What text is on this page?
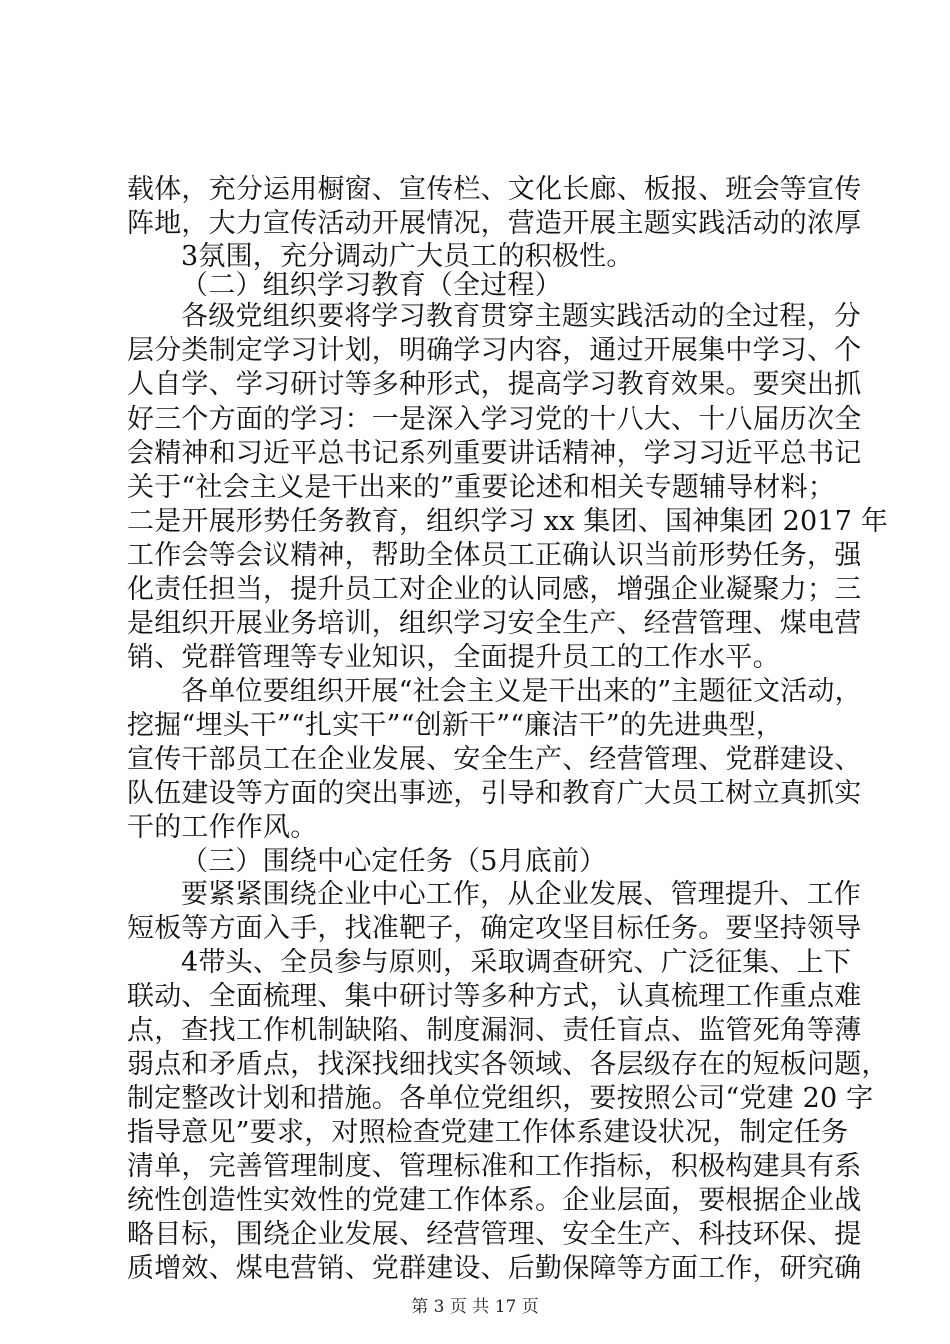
载体，充分运用橱窗、宣传栏、文化长廊、板报、班会等宣传
阵地，大力宣传活动开展情况，营造开展主题实践活动的浓厚
3氛围，充分调动广大员工的积极性。
（二）组织学习教育（全过程）
各级党组织要将学习教育贯穿主题实践活动的全过程，分
层分类制定学习计划，明确学习内容，通过开展集中学习、个
人自学、学习研讨等多种形式，提高学习教育效果。要突出抓
好三个方面的学习：一是深入学习党的十八大、十八届历次全
会精神和习近平总书记系列重要讲话精神，学习习近平总书记
关于“社会主义是干出来的”重要论述和相关专题辅导材料；
二是开展形势任务教育，组织学习 xx 集团、国神集团 2017 年
工作会等会议精神，帮助全体员工正确认识当前形势任务，强
化责任担当，提升员工对企业的认同感，增强企业凝聚力；三
是组织开展业务培训，组织学习安全生产、经营管理、煤电营
销、党群管理等专业知识，全面提升员工的工作水平。
各单位要组织开展“社会主义是干出来的”主题征文活动，
挖掘“埋头干”“扎实干”“创新干”“廉洁干”的先进典型，
宣传干部员工在企业发展、安全生产、经营管理、党群建设、
队伍建设等方面的突出事迹，引导和教育广大员工树立真抓实
干的工作作风。
（三）围绕中心定任务（5月底前）
要紧紧围绕企业中心工作，从企业发展、管理提升、工作
短板等方面入手，找准靶子，确定攻坚目标任务。要坚持领导
4带头、全员参与原则，采取调查研究、广泛征集、上下
联动、全面梳理、集中研讨等多种方式，认真梳理工作重点难
点，查找工作机制缺陷、制度漏洞、责任盲点、监管死角等薄
弱点和矛盾点，找深找细找实各领域、各层级存在的短板问题，
制定整改计划和措施。各单位党组织，要按照公司“党建 20 字
指导意见”要求，对照检查党建工作体系建设状况，制定任务
清单，完善管理制度、管理标准和工作指标，积极构建具有系
统性创造性实效性的党建工作体系。企业层面，要根据企业战
略目标，围绕企业发展、经营管理、安全生产、科技环保、提
质增效、煤电营销、党群建设、后勤保障等方面工作，研究确
第 3 页 共 17 页
